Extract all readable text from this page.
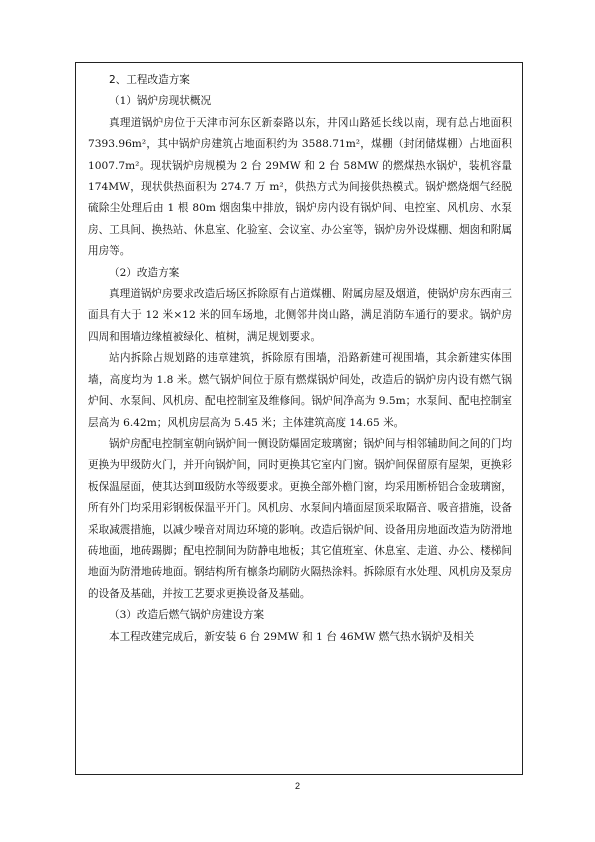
2、工程改造方案

（1）锅炉房现状概况

真理道锅炉房位于天津市河东区新泰路以东，井冈山路延长线以南，现有总占地面积 7393.96m²，其中锅炉房建筑占地面积约为 3588.71m²，煤棚（封闭储煤棚）占地面积 1007.7m²。现状锅炉房规模为 2 台 29MW 和 2 台 58MW 的燃煤热水锅炉，装机容量 174MW，现状供热面积为 274.7 万 m²，供热方式为间接供热模式。锅炉燃烧烟气经脱硫除尘处理后由 1 根 80m 烟囱集中排放，锅炉房内设有锅炉间、电控室、风机房、水泵房、工具间、换热站、休息室、化验室、会议室、办公室等，锅炉房外设煤棚、烟囱和附属用房等。

（2）改造方案

真理道锅炉房要求改造后场区拆除原有占道煤棚、附属房屋及烟道，使锅炉房东西南三面具有大于 12 米×12 米的回车场地，北侧邻井岗山路，满足消防车通行的要求。锅炉房四周和围墙边缘植被绿化、植树，满足规划要求。

站内拆除占规划路的违章建筑，拆除原有围墙，沿路新建可视围墙，其余新建实体围墙，高度均为 1.8 米。燃气锅炉间位于原有燃煤锅炉间处，改造后的锅炉房内设有燃气锅炉间、水泵间、风机房、配电控制室及维修间。锅炉间净高为 9.5m；水泵间、配电控制室层高为 6.42m；风机房层高为 5.45 米；主体建筑高度 14.65 米。

锅炉房配电控制室朝向锅炉间一侧设防爆固定玻璃窗；锅炉间与相邻辅助间之间的门均更换为甲级防火门，并开向锅炉间，同时更换其它室内门窗。锅炉间保留原有屋架，更换彩板保温屋面，使其达到Ⅲ级防水等级要求。更换全部外檐门窗，均采用断桥铝合金玻璃窗，所有外门均采用彩钢板保温平开门。风机房、水泵间内墙面屋顶采取隔音、吸音措施，设备采取减震措施，以减少噪音对周边环境的影响。改造后锅炉间、设备用房地面改造为防滑地砖地面，地砖踢脚；配电控制间为防静电地板；其它值班室、休息室、走道、办公、楼梯间地面为防滑地砖地面。钢结构所有檩条均刷防火隔热涂料。拆除原有水处理、风机房及泵房的设备及基础，并按工艺要求更换设备及基础。

（3）改造后燃气锅炉房建设方案

本工程改建完成后，新安装 6 台 29MW 和 1 台 46MW 燃气热水锅炉及相关

2
